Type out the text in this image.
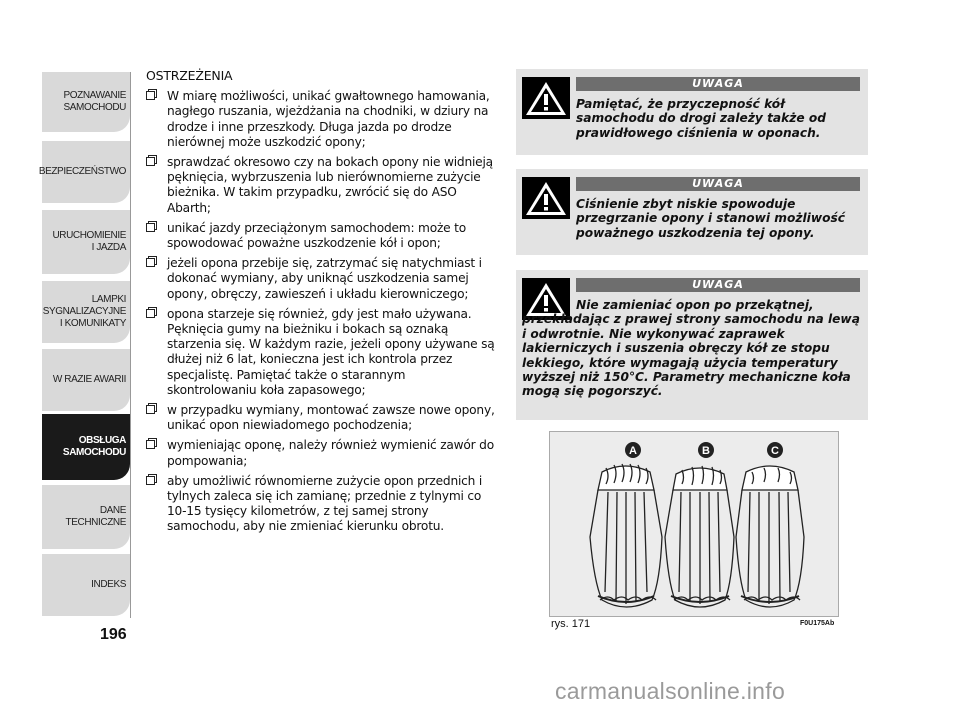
POZNAWANIE
SAMOCHODU
BEZPIECZEŃSTWO
URUCHOMIENIE
I JAZDA
LAMPKI
SYGNALIZACYJNE
I KOMUNIKATY
W RAZIE AWARII
OBSŁUGA
SAMOCHODU
DANE
TECHNICZNE
INDEKS
196
OSTRZEŻENIA
W miarę możliwości, unikać gwałtownego hamowania, nagłego ruszania, wjeżdżania na chodniki, w dziury na drodze i inne przeszkody. Długa jazda po drodze nierównej może uszkodzić opony;
sprawdzać okresowo czy na bokach opony nie widnieją pęknięcia, wybrzuszenia lub nierównomierne zużycie bieżnika. W takim przypadku, zwrócić się do ASO Abarth;
unikać jazdy przeciążonym samochodem: może to spowodować poważne uszkodzenie kół i opon;
jeżeli opona przebije się, zatrzymać się natychmiast i dokonać wymiany, aby uniknąć uszkodzenia samej opony, obręczy, zawieszeń i układu kierowniczego;
opona starzeje się również, gdy jest mało używana. Pęknięcia gumy na bieżniku i bokach są oznaką starzenia się. W każdym razie, jeżeli opony używane są dłużej niż 6 lat, konieczna jest ich kontrola przez specjalistę. Pamiętać także o starannym skontrolowaniu koła zapasowego;
w przypadku wymiany, montować zawsze nowe opony, unikać opon niewiadomego pochodzenia;
wymieniając oponę, należy również wymienić zawór do pompowania;
aby umożliwić równomierne zużycie opon przednich i tylnych zaleca się ich zamianę; przednie z tylnymi co 10-15 tysięcy kilometrów, z tej samej strony samochodu, aby nie zmieniać kierunku obrotu.
UWAGA
Pamiętać, że przyczepność kół
samochodu do drogi zależy także od prawidłowego ciśnienia w oponach.
UWAGA
Ciśnienie zbyt niskie spowoduje
przegrzanie opony i stanowi możliwość poważnego uszkodzenia tej opony.
UWAGA
Nie zamieniać opon po przekątnej,
przekładając z prawej strony samochodu na lewą i odwrotnie. Nie wykonywać zaprawek lakierniczych i suszenia obręczy kół ze stopu lekkiego, które wymagają użycia temperatury wyższej niż 150°C. Parametry mechaniczne koła mogą się pogorszyć.
A	B	C
rys. 171	F0U175Ab
carmanualsonline.info
